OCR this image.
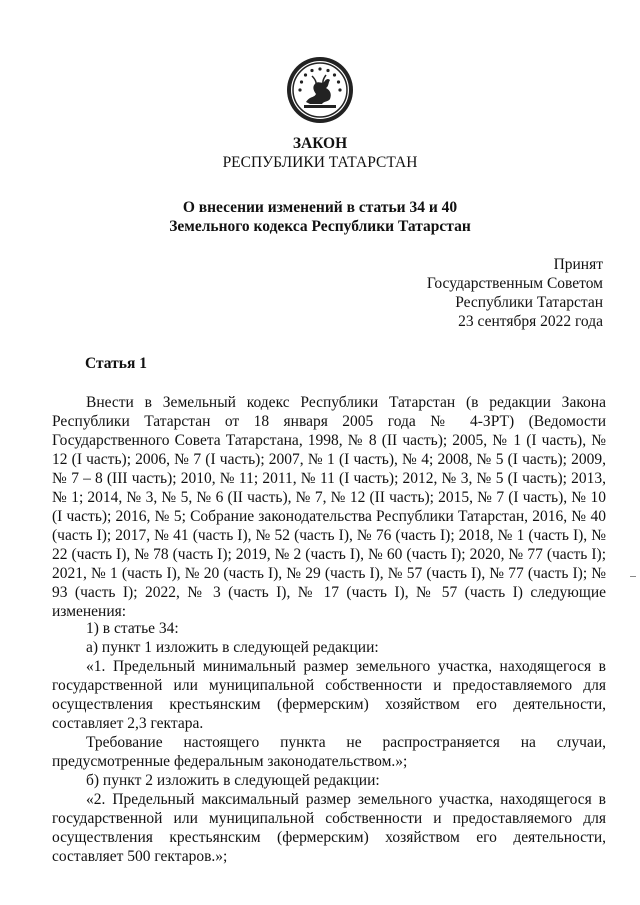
ЗАКОН
РЕСПУБЛИКИ ТАТАРСТАН
О внесении изменений в статьи 34 и 40
Земельного кодекса Республики Татарстан
Принят
Государственным Советом
Республики Татарстан
23 сентября 2022 года
Статья 1

Внести в Земельный кодекс Республики Татарстан (в редакции Закона Республики Татарстан от 18 января 2005 года № 4-ЗРТ) (Ведомости Государственного Совета Татарстана, 1998, № 8 (II часть); 2005, № 1 (I часть), № 12 (I часть); 2006, № 7 (I часть); 2007, № 1 (I часть), № 4; 2008, № 5 (I часть); 2009, № 7 – 8 (III часть); 2010, № 11; 2011, № 11 (I часть); 2012, № 3, № 5 (I часть); 2013, № 1; 2014, № 3, № 5, № 6 (II часть), № 7, № 12 (II часть); 2015, № 7 (I часть), № 10 (I часть); 2016, № 5; Собрание законодательства Республики Татарстан, 2016, № 40 (часть I); 2017, № 41 (часть I), № 52 (часть I), № 76 (часть I); 2018, № 1 (часть I), № 22 (часть I), № 78 (часть I); 2019, № 2 (часть I), № 60 (часть I); 2020, № 77 (часть I); 2021, № 1 (часть I), № 20 (часть I), № 29 (часть I), № 57 (часть I), № 77 (часть I); № 93 (часть I); 2022, № 3 (часть I), № 17 (часть I), № 57 (часть I) следующие изменения:

1) в статье 34:

а) пункт 1 изложить в следующей редакции:

«1. Предельный минимальный размер земельного участка, находящегося в государственной или муниципальной собственности и предоставляемого для осуществления крестьянским (фермерским) хозяйством его деятельности, составляет 2,3 гектара.

Требование настоящего пункта не распространяется на случаи, предусмотренные федеральным законодательством.»;

б) пункт 2 изложить в следующей редакции:

«2. Предельный максимальный размер земельного участка, находящегося в государственной или муниципальной собственности и предоставляемого для осуществления крестьянским (фермерским) хозяйством его деятельности, составляет 500 гектаров.»;
